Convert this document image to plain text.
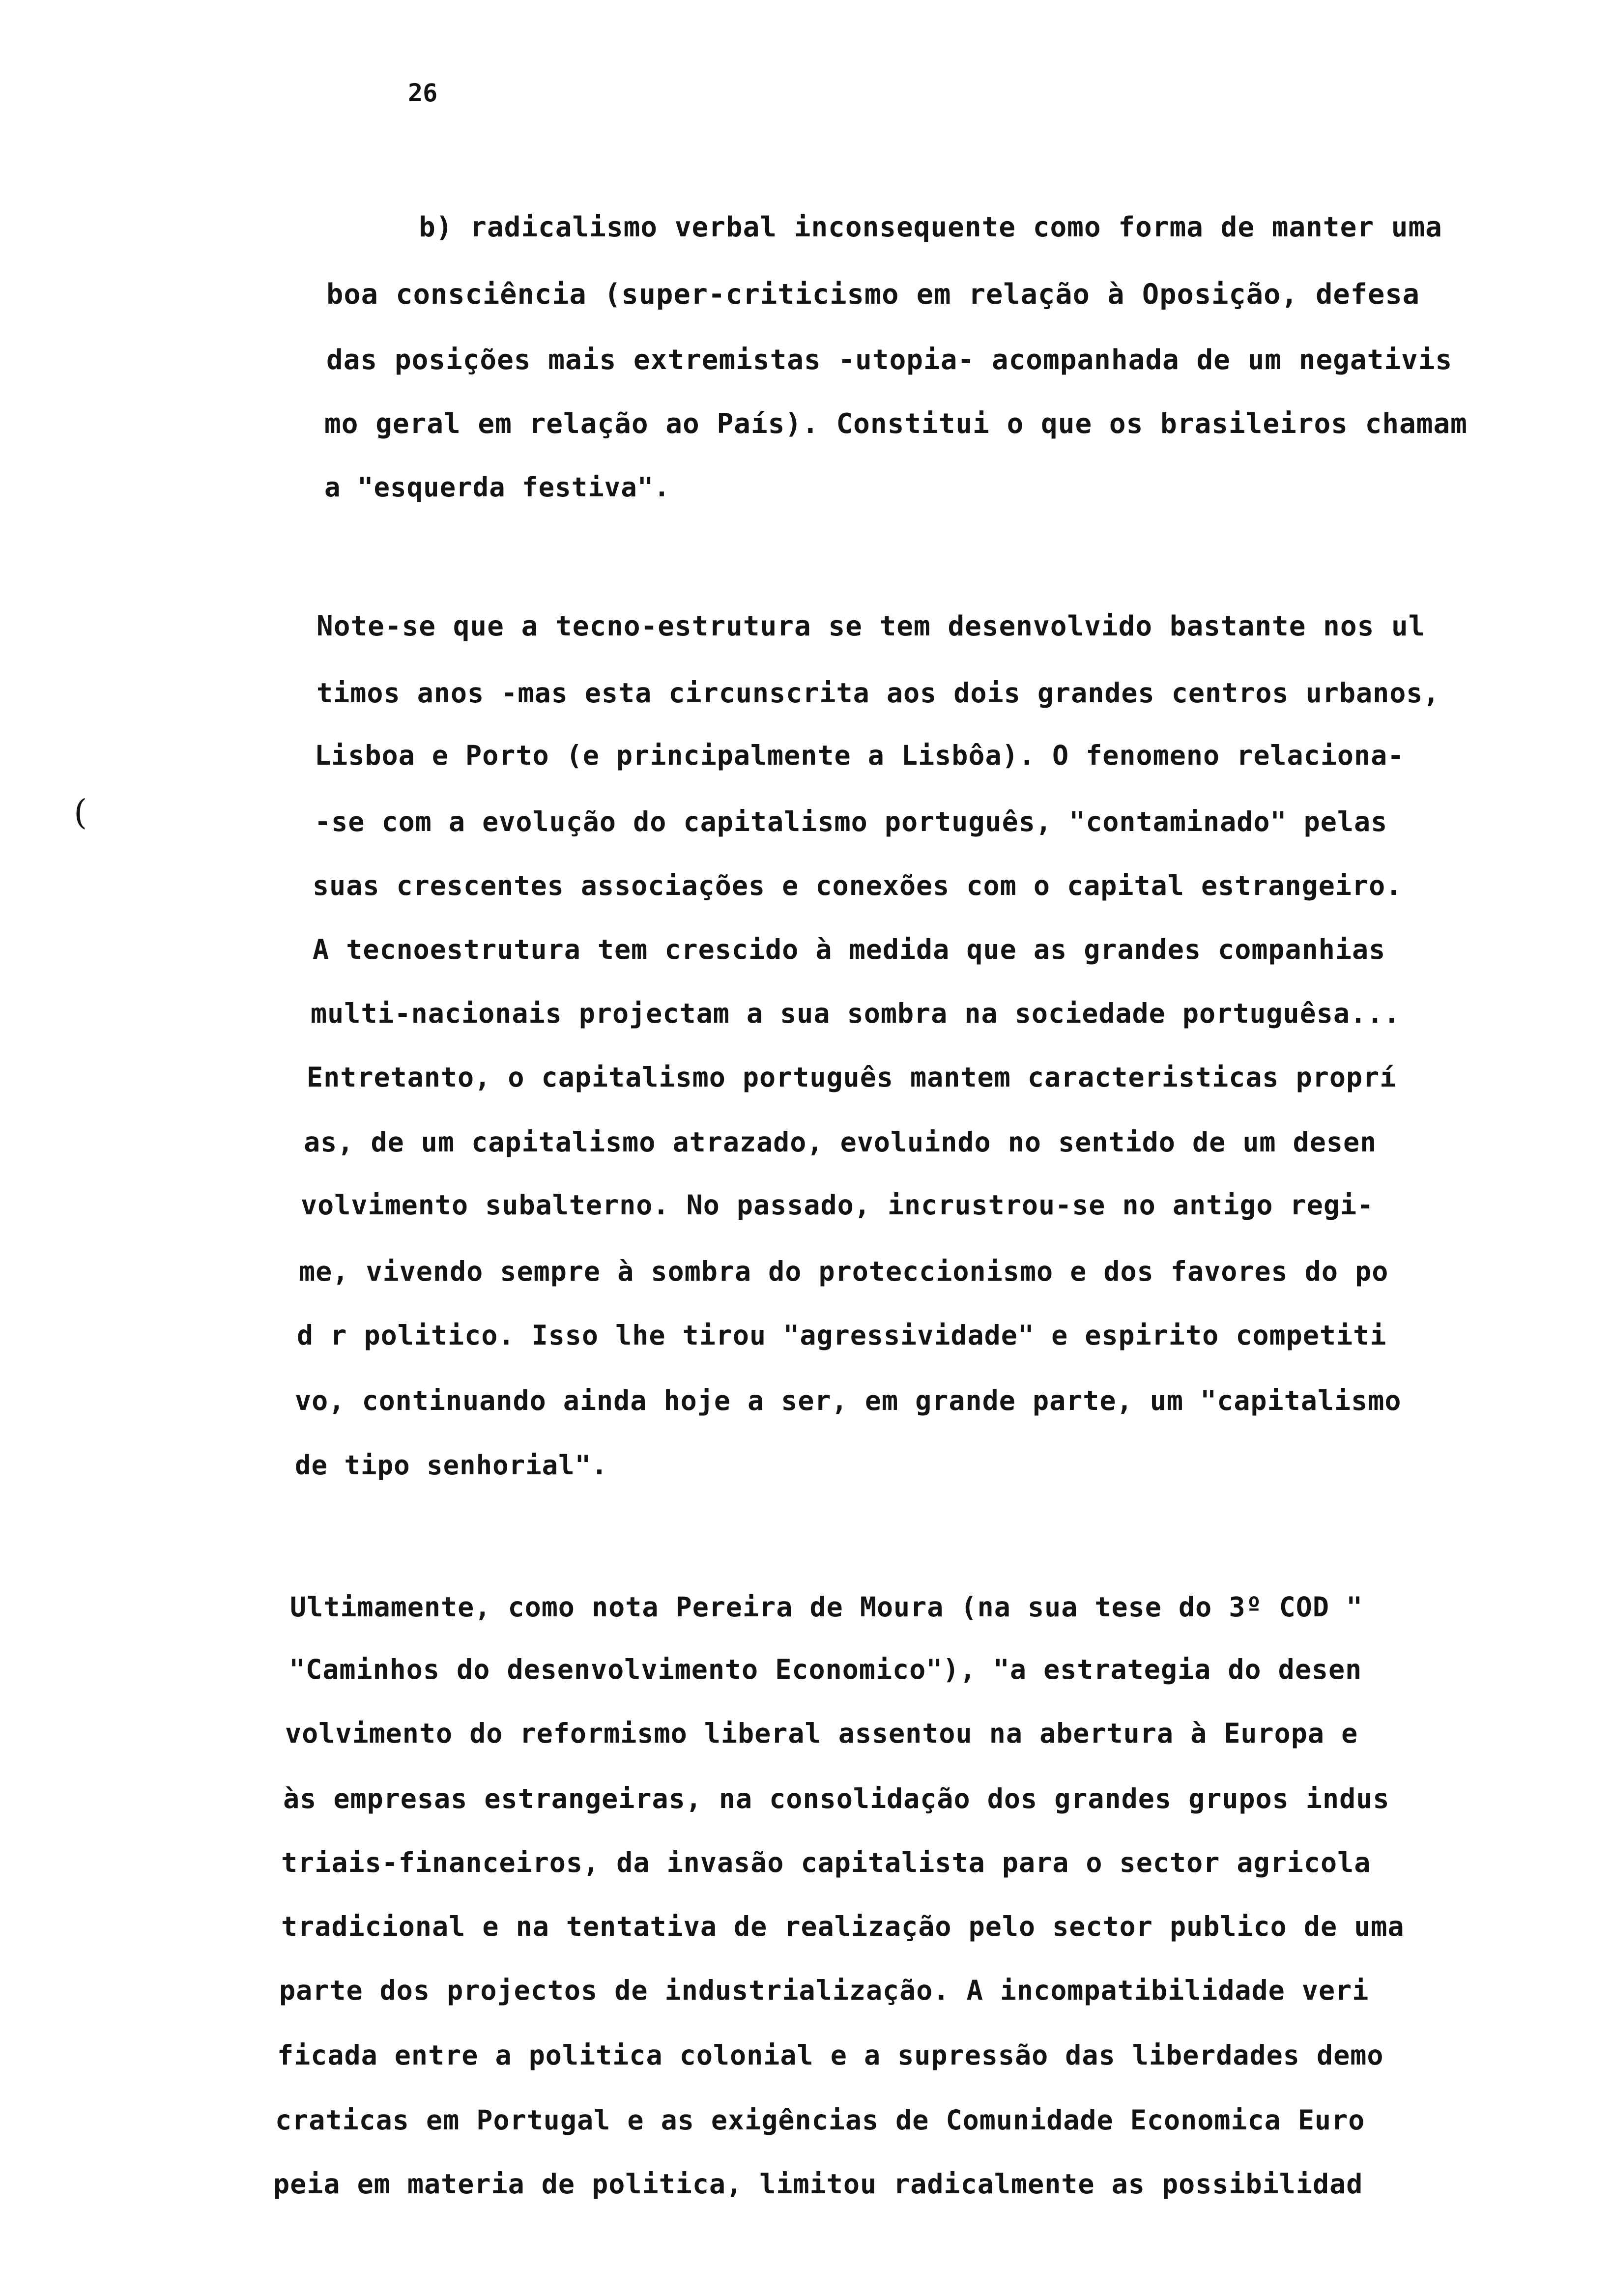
26
(
b) radicalismo verbal inconsequente como forma de manter uma
boa consciência (super-criticismo em relação à Oposição, defesa
das posições mais extremistas -utopia- acompanhada de um negativis
mo geral em relação ao País). Constitui o que os brasileiros chamam
a "esquerda festiva".
Note-se que a tecno-estrutura se tem desenvolvido bastante nos ul
timos anos -mas esta circunscrita aos dois grandes centros urbanos,
Lisboa e Porto (e principalmente a Lisbôa). O fenomeno relaciona-
-se com a evolução do capitalismo português, "contaminado" pelas
suas crescentes associações e conexões com o capital estrangeiro.
A tecnoestrutura tem crescido à medida que as grandes companhias
multi-nacionais projectam a sua sombra na sociedade portuguêsa...
Entretanto, o capitalismo português mantem caracteristicas proprí
as, de um capitalismo atrazado, evoluindo no sentido de um desen
volvimento subalterno. No passado, incrustrou-se no antigo regi-
me, vivendo sempre à sombra do proteccionismo e dos favores do po
d r politico. Isso lhe tirou "agressividade" e espirito competiti
vo, continuando ainda hoje a ser, em grande parte, um "capitalismo
de tipo senhorial".
Ultimamente, como nota Pereira de Moura (na sua tese do 3º COD "
"Caminhos do desenvolvimento Economico"), "a estrategia do desen
volvimento do reformismo liberal assentou na abertura à Europa e
às empresas estrangeiras, na consolidação dos grandes grupos indus
triais-financeiros, da invasão capitalista para o sector agricola
tradicional e na tentativa de realização pelo sector publico de uma
parte dos projectos de industrialização. A incompatibilidade veri
ficada entre a politica colonial e a supressão das liberdades demo
craticas em Portugal e as exigências de Comunidade Economica Euro
peia em materia de politica, limitou radicalmente as possibilidad
